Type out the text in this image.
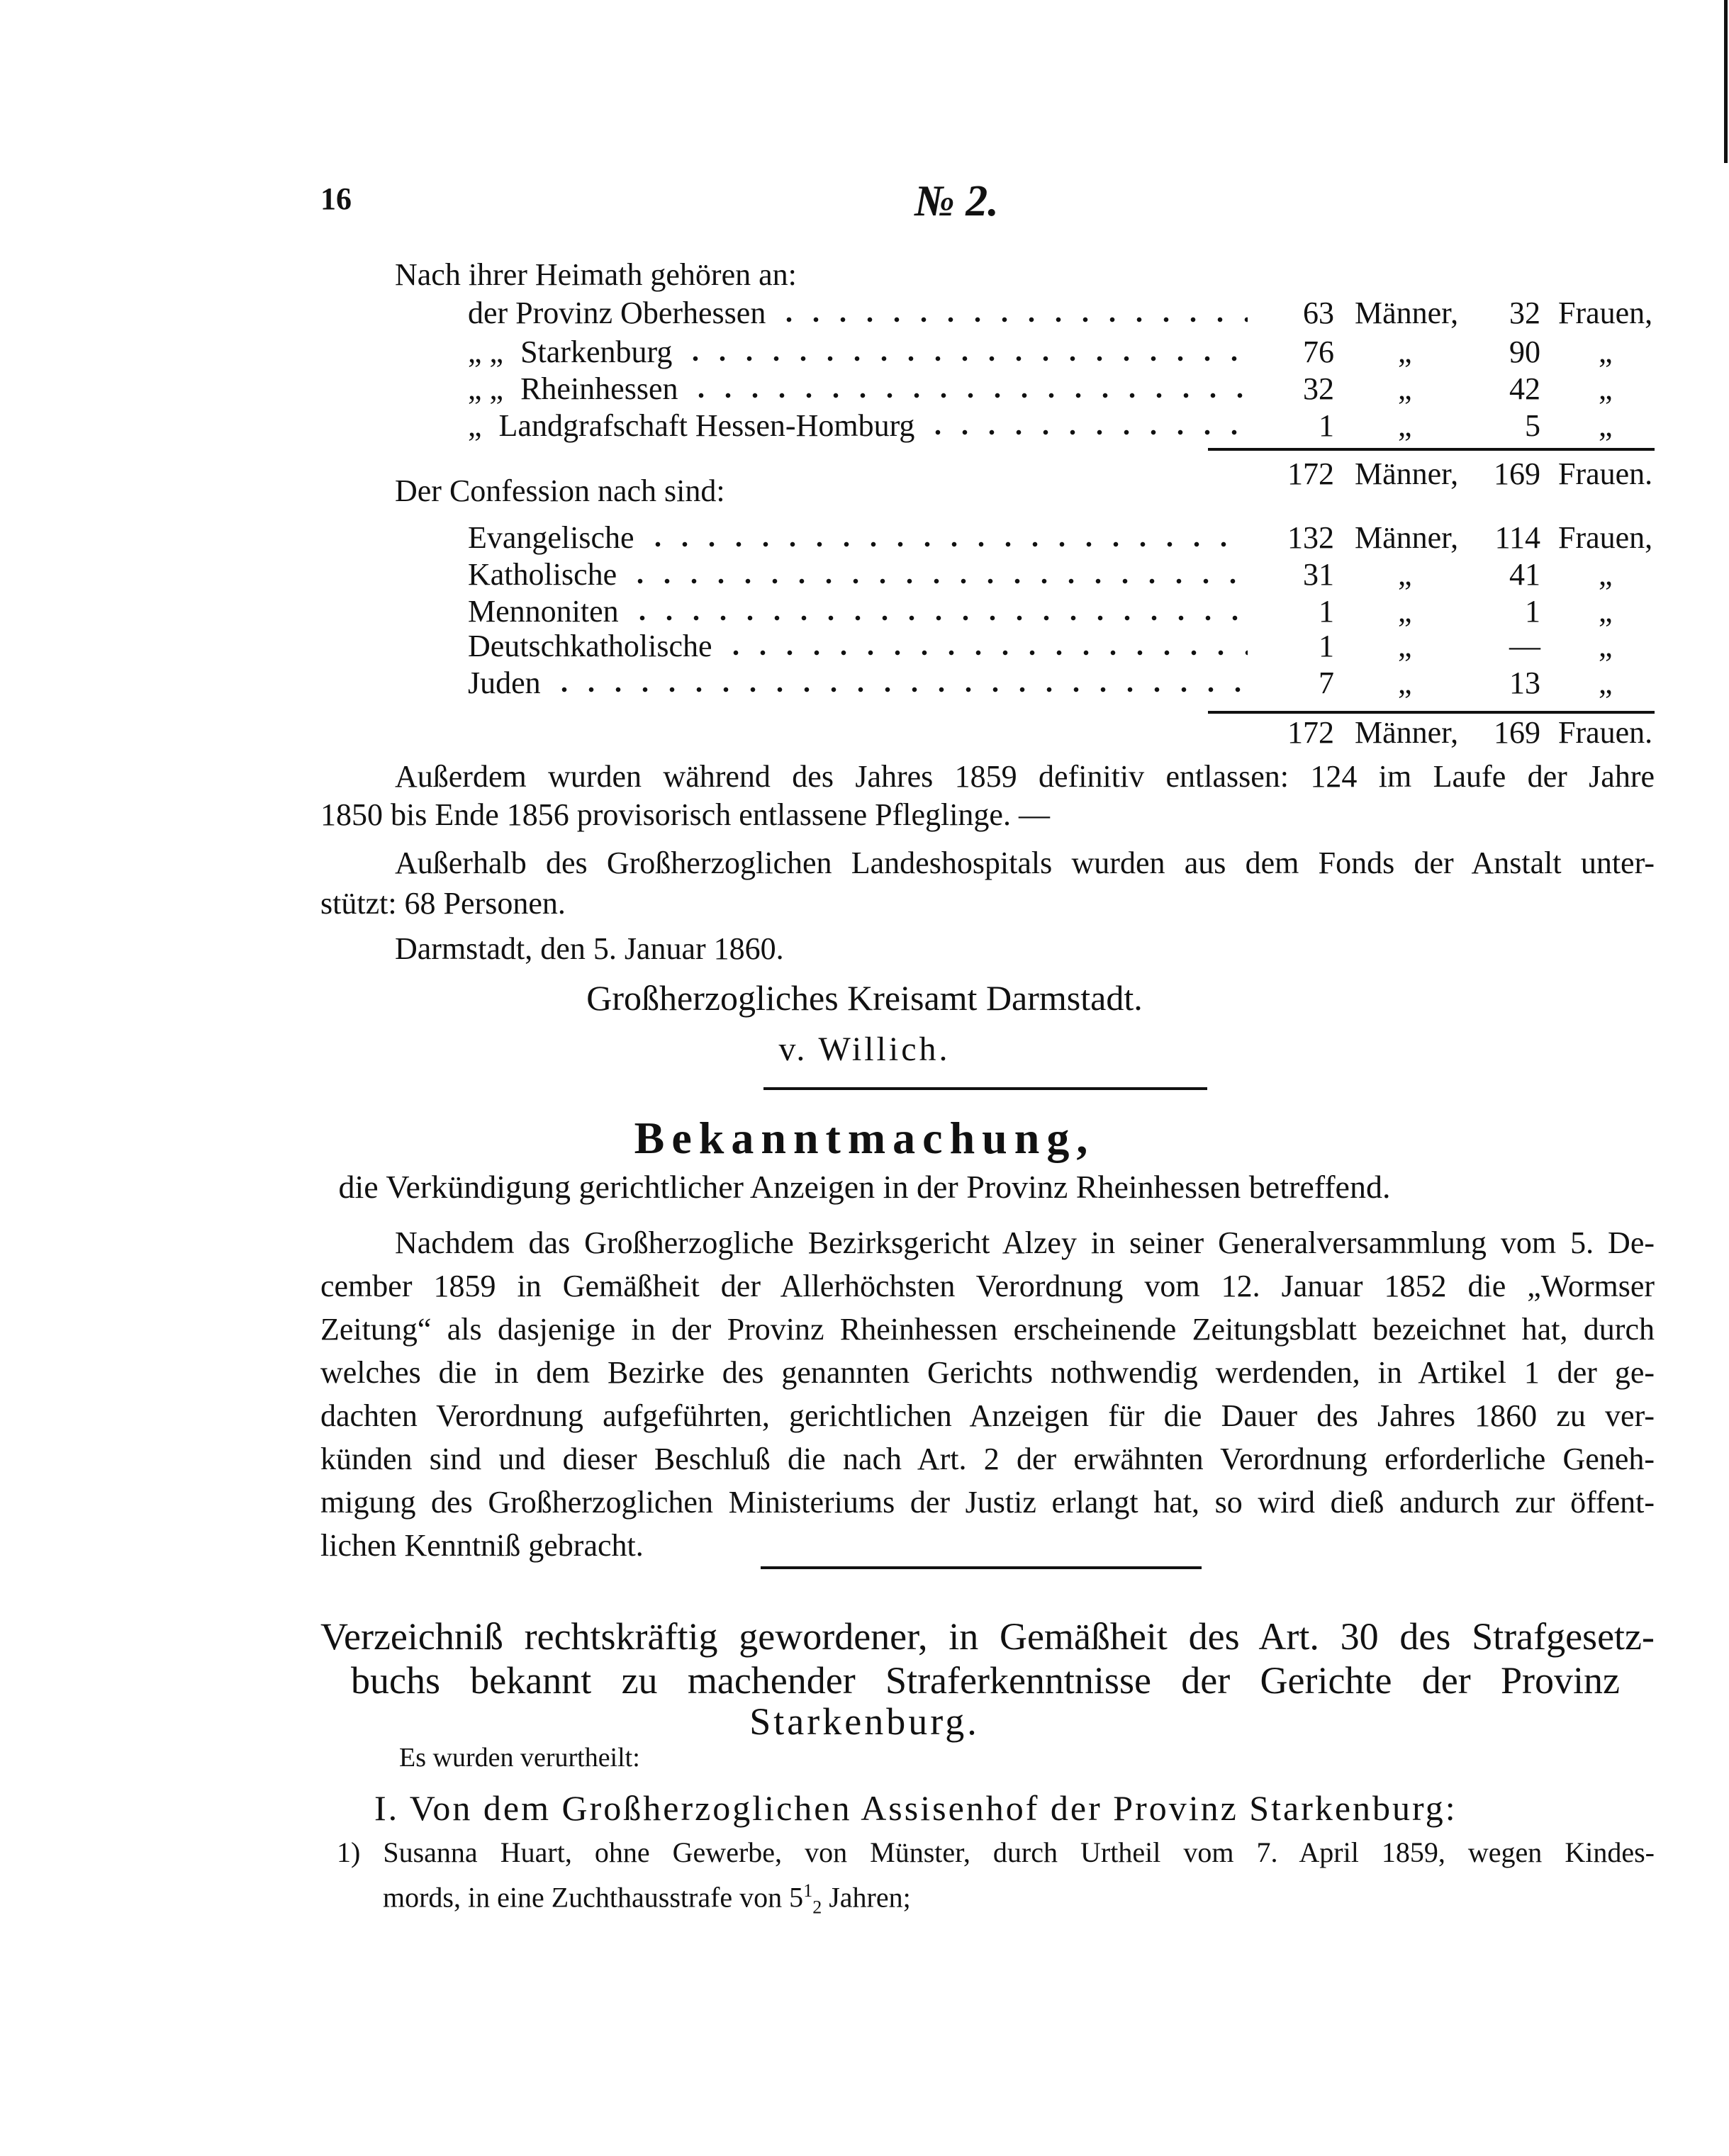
16	№ 2.
Nach ihrer Heimath gehören an:
der Provinz Oberhessen	63 Männer, 32 Frauen,
„ „ Starkenburg	76 „	90 „
„ „ Rheinhessen	32 „	42 „
„ Landgrafschaft Hessen-Homburg	1 „	5 „
172 Männer, 169 Frauen.
Der Confession nach sind:
Evangelische	132 Männer, 114 Frauen,
Katholische	31 „	41 „
Mennoniten	1 „	1 „
Deutschkatholische	1 „	— „
Juden	7 „	13 „
172 Männer, 169 Frauen.
Außerdem wurden während des Jahres 1859 definitiv entlassen: 124 im Laufe der Jahre
1850 bis Ende 1856 provisorisch entlassene Pfleglinge. —
Außerhalb des Großherzoglichen Landeshospitals wurden aus dem Fonds der Anstalt unter-
stützt: 68 Personen.
Darmstadt, den 5. Januar 1860.
Großherzogliches Kreisamt Darmstadt.
v. Willich.
Bekanntmachung,
die Verkündigung gerichtlicher Anzeigen in der Provinz Rheinhessen betreffend.
Nachdem das Großherzogliche Bezirksgericht Alzey in seiner Generalversammlung vom 5. De-
cember 1859 in Gemäßheit der Allerhöchsten Verordnung vom 12. Januar 1852 die „Wormser
Zeitung“ als dasjenige in der Provinz Rheinhessen erscheinende Zeitungsblatt bezeichnet hat, durch
welches die in dem Bezirke des genannten Gerichts nothwendig werdenden, in Artikel 1 der ge-
dachten Verordnung aufgeführten, gerichtlichen Anzeigen für die Dauer des Jahres 1860 zu ver-
künden sind und dieser Beschluß die nach Art. 2 der erwähnten Verordnung erforderliche Geneh-
migung des Großherzoglichen Ministeriums der Justiz erlangt hat, so wird dieß andurch zur öffent-
lichen Kenntniß gebracht.
Verzeichniß rechtskräftig gewordener, in Gemäßheit des Art. 30 des Strafgesetz-
buchs bekannt zu machender Straferkenntnisse der Gerichte der Provinz
Starkenburg.
Es wurden verurtheilt:
I. Von dem Großherzoglichen Assisenhof der Provinz Starkenburg:
1) Susanna Huart, ohne Gewerbe, von Münster, durch Urtheil vom 7. April 1859, wegen Kindes-
mords, in eine Zuchthausstrafe von $5^1_2$ Jahren;
